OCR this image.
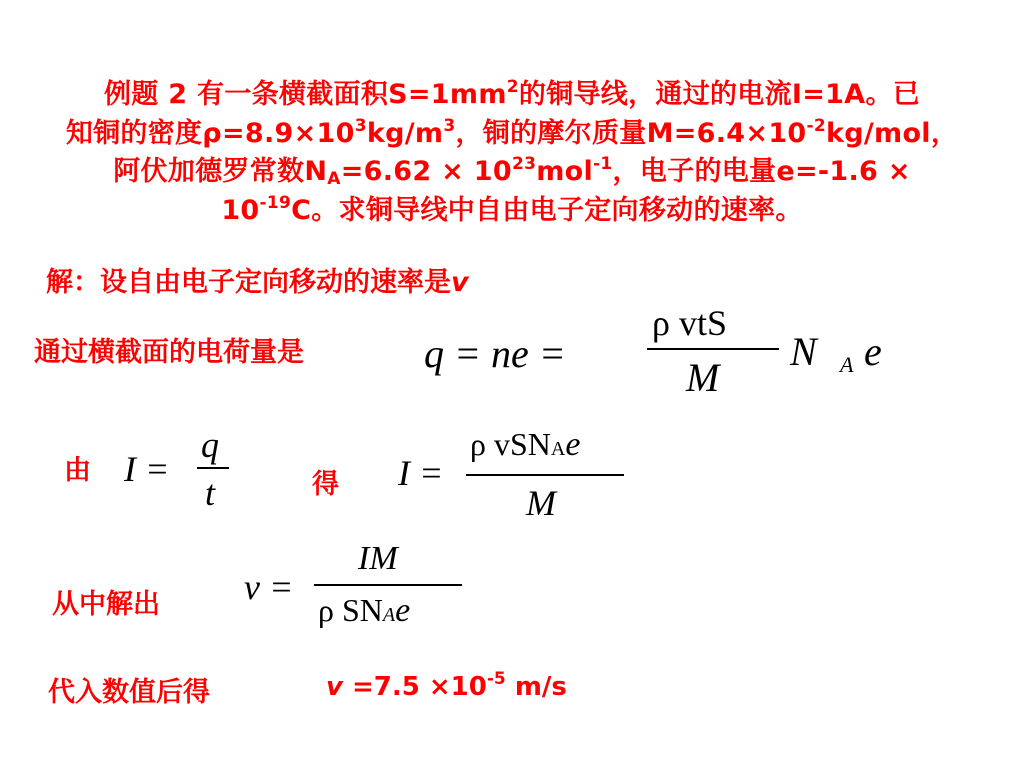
例题 2 有一条横截面积$S=1mm^2$的铜导线，通过的电流I=1A。已
知铜的密度$\rho=8.9\times 10^3kg/m^3$，铜的摩尔质量$M=6.4\times 10^{-2}kg$/mol，
阿伏加德罗常数$N_A=6.62 \times 10^{23}mol^{-1}$，电子的电量e=-1.6 ×
$10^{-19}C$。求铜导线中自由电子定向移动的速率。
解：设自由电子定向移动的速率是v
通过横截面的电荷量是	q = ne =
ρ vtS
M
N A e
由 I =
q
t	得 I =
ρ vSNAe
M
从中解出 v =
IM
ρ SNAe
代入数值后得	$v =7.5 \times 10^{-5}$ m/s
